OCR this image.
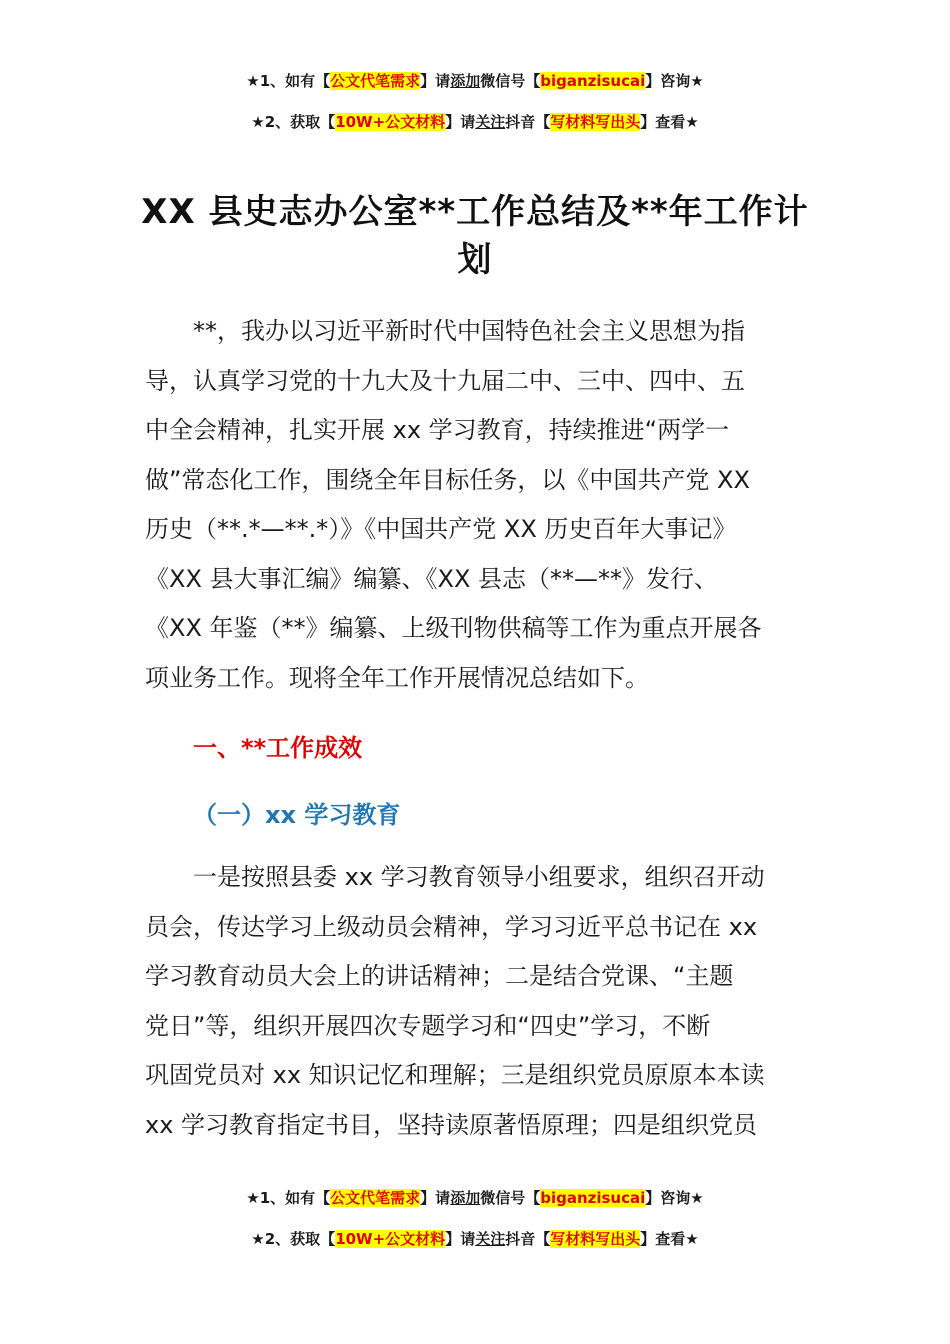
★1、如有【公文代笔需求】请添加微信号【biganzisucai】咨询★
★2、获取【10W+公文材料】请关注抖音【写材料写出头】查看★
XX 县史志办公室**工作总结及**年工作计
划
　　**，我办以习近平新时代中国特色社会主义思想为指
导，认真学习党的十九大及十九届二中、三中、四中、五
中全会精神，扎实开展 xx 学习教育，持续推进“两学一
做”常态化工作，围绕全年目标任务，以《中国共产党 XX
历史（**.*—**.*）》《中国共产党 XX 历史百年大事记》
《XX 县大事汇编》编纂、《XX 县志（**—**》发行、
《XX 年鉴（**》编纂、上级刊物供稿等工作为重点开展各
项业务工作。现将全年工作开展情况总结如下。
一、**工作成效
（一）xx 学习教育
　　一是按照县委 xx 学习教育领导小组要求，组织召开动
员会，传达学习上级动员会精神，学习习近平总书记在 xx
学习教育动员大会上的讲话精神；二是结合党课、“主题
党日”等，组织开展四次专题学习和“四史”学习，不断
巩固党员对 xx 知识记忆和理解；三是组织党员原原本本读
xx 学习教育指定书目，坚持读原著悟原理；四是组织党员
★1、如有【公文代笔需求】请添加微信号【biganzisucai】咨询★
★2、获取【10W+公文材料】请关注抖音【写材料写出头】查看★
